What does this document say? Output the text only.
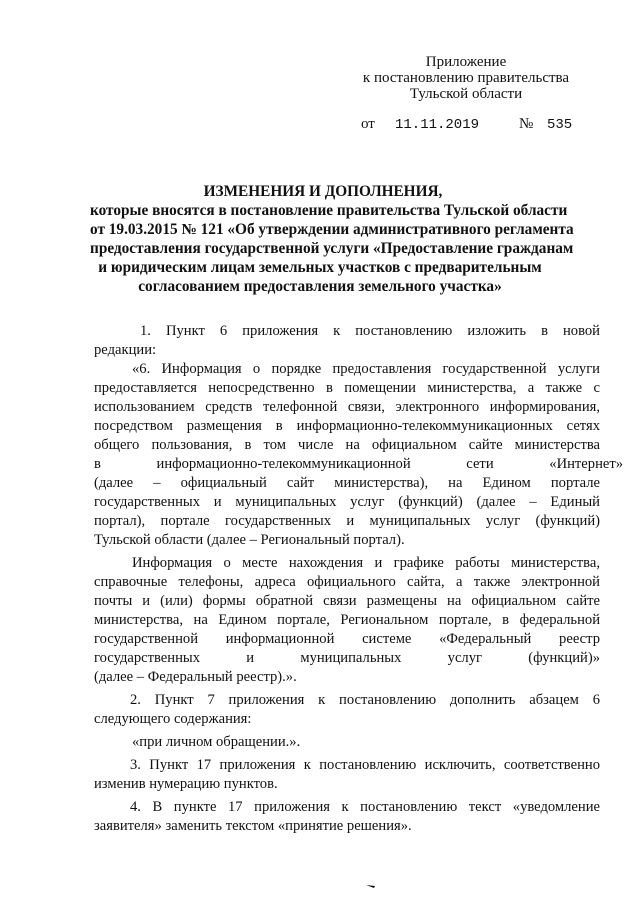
Приложение
к постановлению правительства
Тульской области
от 11.11.2019	№ 535
ИЗМЕНЕНИЯ И ДОПОЛНЕНИЯ,
которые вносятся в постановление правительства Тульской области
от 19.03.2015 № 121 «Об утверждении административного регламента
предоставления государственной услуги «Предоставление гражданам
и юридическим лицам земельных участков с предварительным
согласованием предоставления земельного участка»
1. Пункт 6 приложения к постановлению изложить в новой
редакции:
«6. Информация о порядке предоставления государственной услуги
предоставляется непосредственно в помещении министерства, а также с
использованием средств телефонной связи, электронного информирования,
посредством размещения в информационно-телекоммуникационных сетях
общего пользования, в том числе на официальном сайте министерства
в информационно-телекоммуникационной сети «Интернет»
(далее – официальный сайт министерства), на Едином портале
государственных и муниципальных услуг (функций) (далее – Единый
портал), портале государственных и муниципальных услуг (функций)
Тульской области (далее – Региональный портал).
Информация о месте нахождения и графике работы министерства,
справочные телефоны, адреса официального сайта, а также электронной
почты и (или) формы обратной связи размещены на официальном сайте
министерства, на Едином портале, Региональном портале, в федеральной
государственной информационной системе «Федеральный реестр
государственных и муниципальных услуг (функций)»
(далее – Федеральный реестр).».
2. Пункт 7 приложения к постановлению дополнить абзацем 6
следующего содержания:
«при личном обращении.».
3. Пункт 17 приложения к постановлению исключить, соответственно
изменив нумерацию пунктов.
4. В пункте 17 приложения к постановлению текст «уведомление
заявителя» заменить текстом «принятие решения».
